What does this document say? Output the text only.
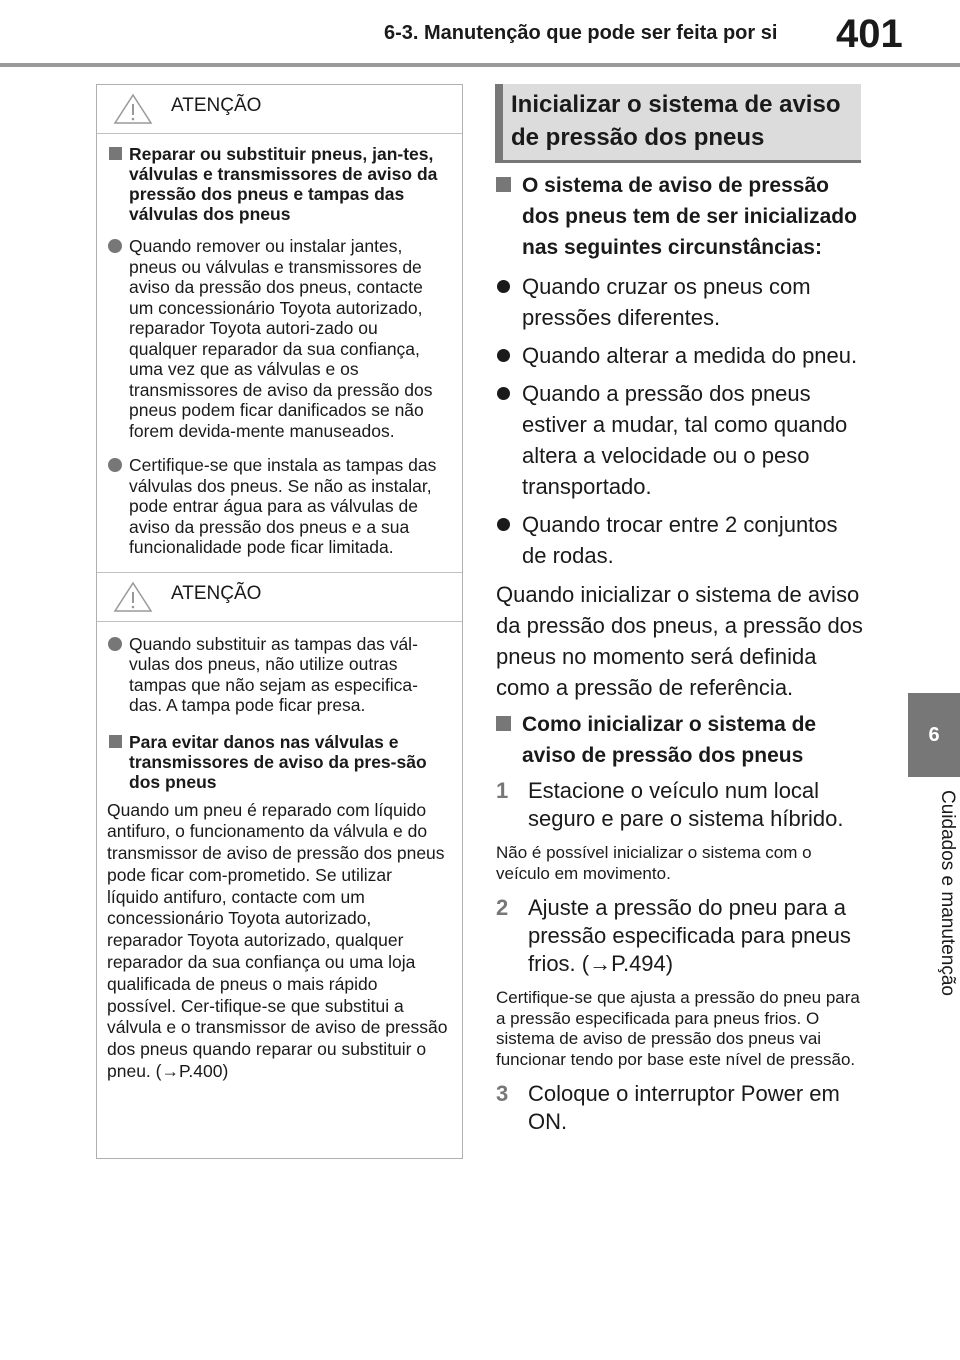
6-3. Manutenção que pode ser feita por si 401
6
Cuidados e manutenção
ATENÇÃO
Reparar ou substituir pneus, jan-tes, válvulas e transmissores de aviso da pressão dos pneus e tampas das válvulas dos pneus
Quando remover ou instalar jantes, pneus ou válvulas e transmissores de aviso da pressão dos pneus, contacte um concessionário Toyota autorizado, reparador Toyota autori-zado ou qualquer reparador da sua confiança, uma vez que as válvulas e os transmissores de aviso da pressão dos pneus podem ficar danificados se não forem devida-mente manuseados.
Certifique-se que instala as tampas das válvulas dos pneus. Se não as instalar, pode entrar água para as válvulas de aviso da pressão dos pneus e a sua funcionalidade pode ficar limitada.
ATENÇÃO
Quando substituir as tampas das vál-vulas dos pneus, não utilize outras tampas que não sejam as especifica-das. A tampa pode ficar presa.
Para evitar danos nas válvulas e transmissores de aviso da pres-são dos pneus
Quando um pneu é reparado com líquido antifuro, o funcionamento da válvula e do transmissor de aviso de pressão dos pneus pode ficar com-prometido. Se utilizar líquido antifuro, contacte com um concessionário Toyota autorizado, reparador Toyota autorizado, qualquer reparador da sua confiança ou uma loja qualificada de pneus o mais rápido possível. Cer-tifique-se que substitui a válvula e o transmissor de aviso de pressão dos pneus quando reparar ou substituir o pneu. (→P.400)
Inicializar o sistema de aviso de pressão dos pneus
O sistema de aviso de pressão dos pneus tem de ser inicializado nas seguintes circunstâncias:
Quando cruzar os pneus com pressões diferentes.
Quando alterar a medida do pneu.
Quando a pressão dos pneus estiver a mudar, tal como quando altera a velocidade ou o peso transportado.
Quando trocar entre 2 conjuntos de rodas.
Quando inicializar o sistema de aviso da pressão dos pneus, a pressão dos pneus no momento será definida como a pressão de referência.
Como inicializar o sistema de aviso de pressão dos pneus
1 Estacione o veículo num local seguro e pare o sistema híbrido.
Não é possível inicializar o sistema com o veículo em movimento.
2 Ajuste a pressão do pneu para a pressão especificada para pneus frios. (→P.494)
Certifique-se que ajusta a pressão do pneu para a pressão especificada para pneus frios. O sistema de aviso de pressão dos pneus vai funcionar tendo por base este nível de pressão.
3 Coloque o interruptor Power em ON.
